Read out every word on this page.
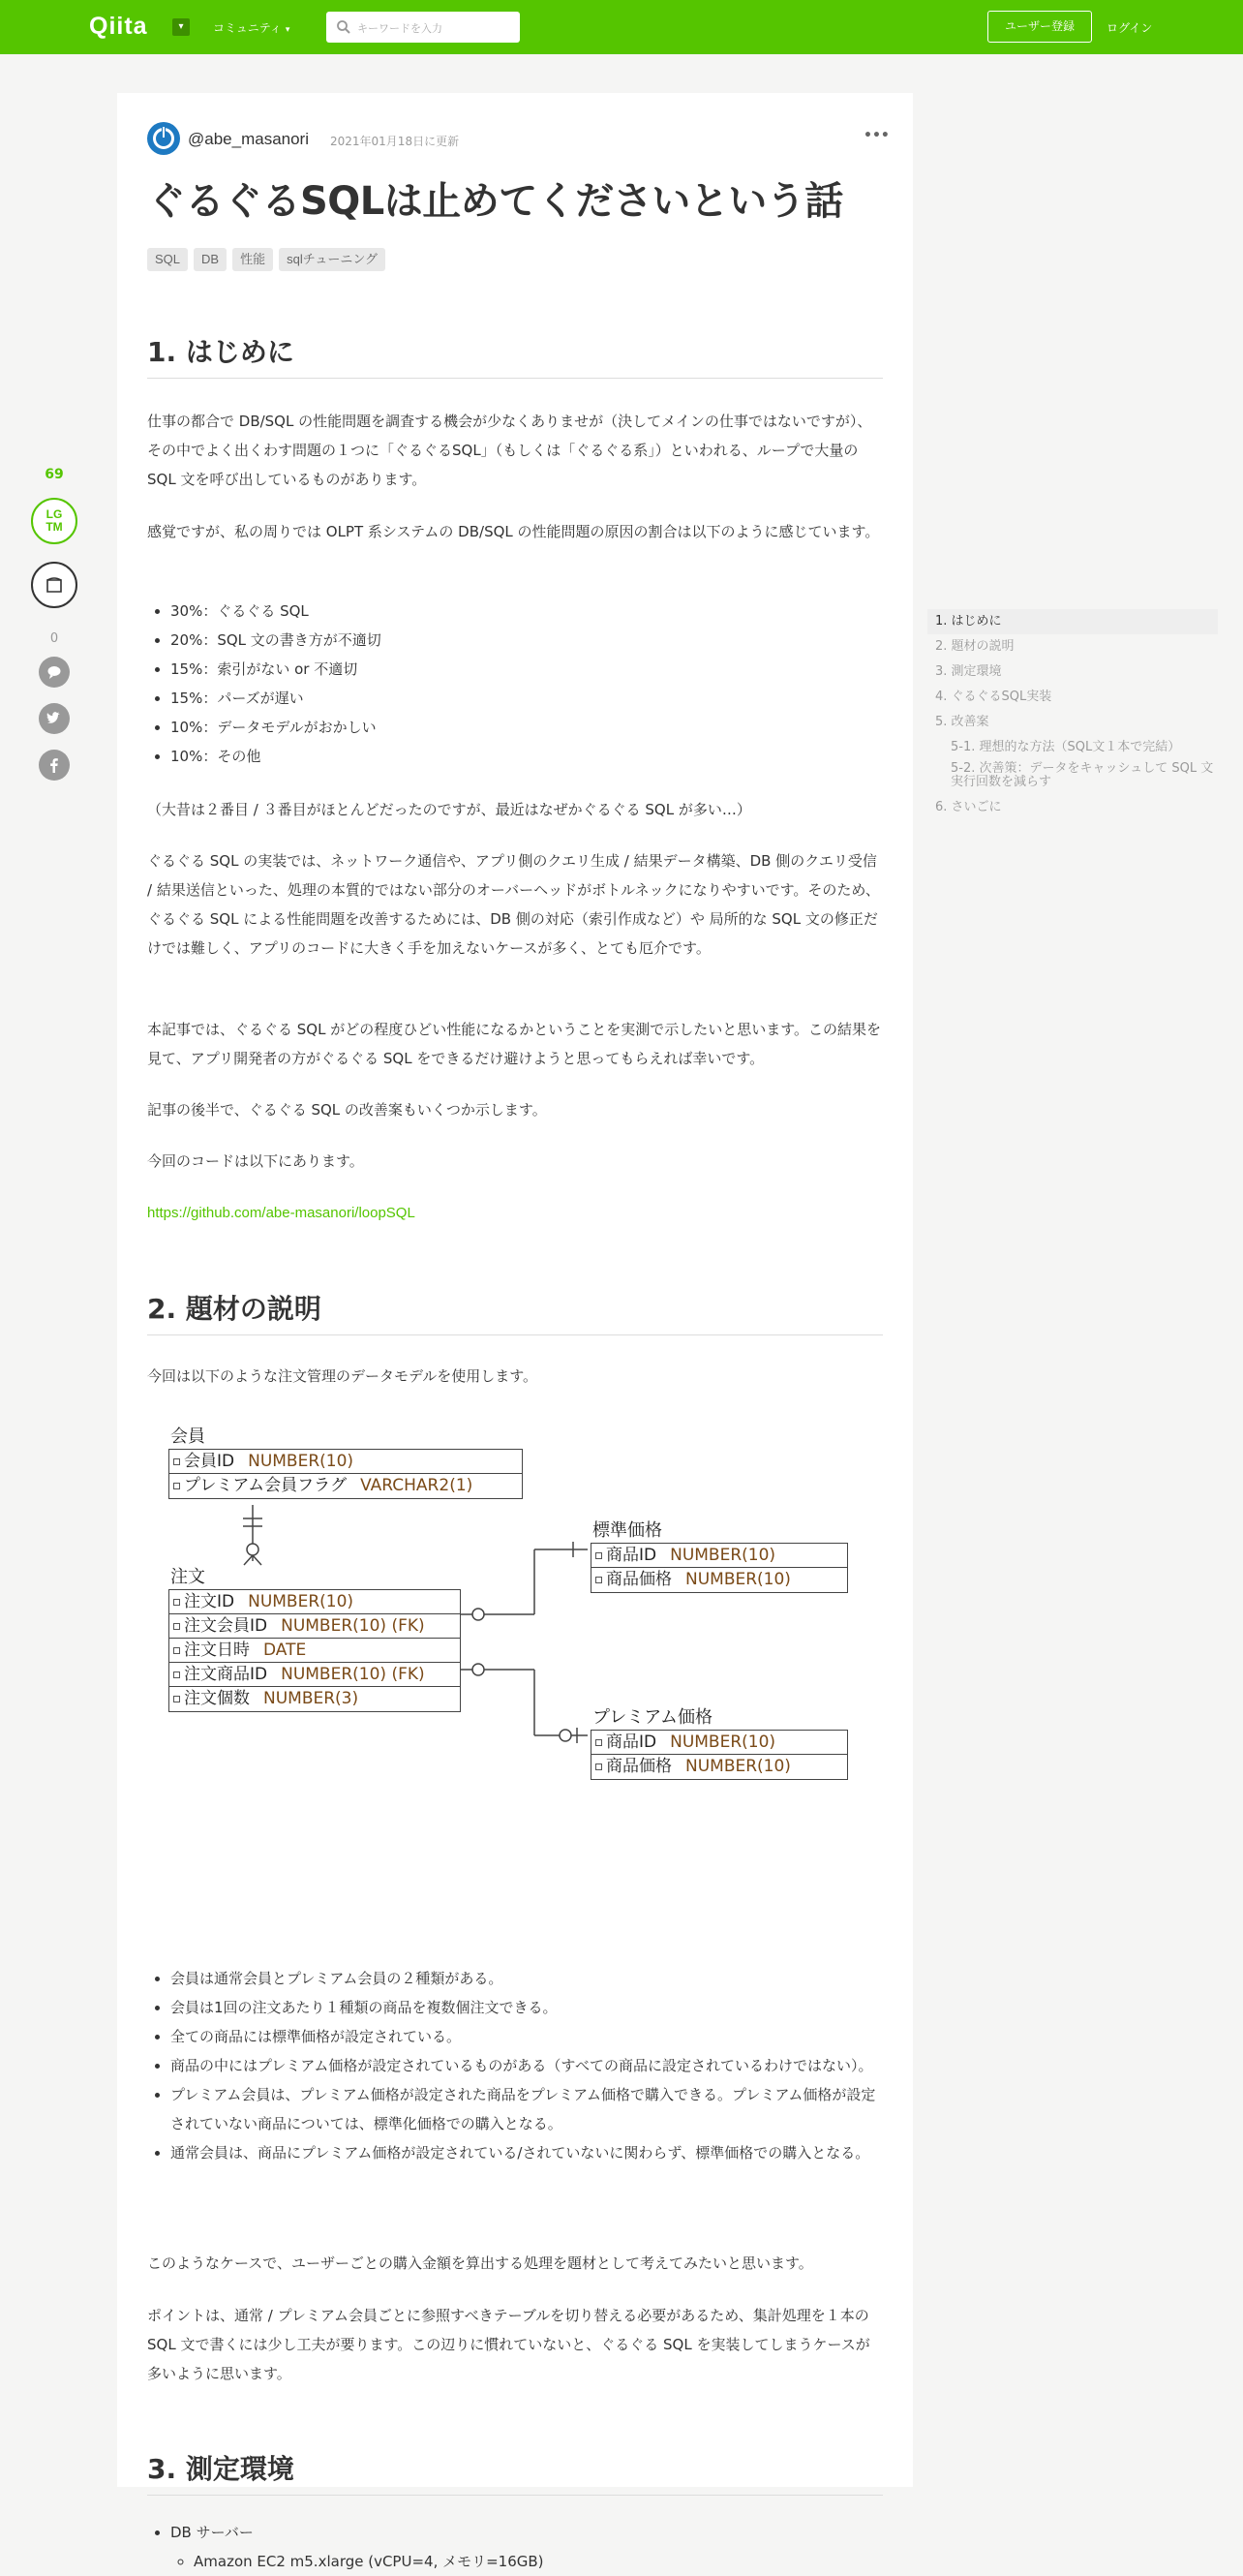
Qiita	▾	コミュニティ ▾	キーワードを入力	ユーザー登録	ログイン
69
LG
TM
0
@abe_masanori 2021年01月18日に更新	•••
ぐるぐるSQLは止めてくださいという話
SQL DB 性能 sqlチューニング
1. はじめに

仕事の都合で DB/SQL の性能問題を調査する機会が少なくありませが（決してメインの仕事ではないですが）、その中でよく出くわす問題の１つに「ぐるぐるSQL」（もしくは「ぐるぐる系」）といわれる、ループで大量の SQL 文を呼び出しているものがあります。

感覚ですが、私の周りでは OLPT 系システムの DB/SQL の性能問題の原因の割合は以下のように感じています。

• 30%：ぐるぐる SQL
• 20%：SQL 文の書き方が不適切
• 15%：索引がない or 不適切
• 15%：パーズが遅い
• 10%：データモデルがおかしい
• 10%：その他

（大昔は２番目 / ３番目がほとんどだったのですが、最近はなぜかぐるぐる SQL が多い…）

ぐるぐる SQL の実装では、ネットワーク通信や、アプリ側のクエリ生成 / 結果データ構築、DB 側のクエリ受信 / 結果送信といった、処理の本質的ではない部分のオーバーヘッドがボトルネックになりやすいです。そのため、ぐるぐる SQL による性能問題を改善するためには、DB 側の対応（索引作成など）や 局所的な SQL 文の修正だけでは難しく、アプリのコードに大きく手を加えないケースが多く、とても厄介です。

本記事では、ぐるぐる SQL がどの程度ひどい性能になるかということを実測で示したいと思います。この結果を見て、アプリ開発者の方がぐるぐる SQL をできるだけ避けようと思ってもらえれば幸いです。

記事の後半で、ぐるぐる SQL の改善案もいくつか示します。

今回のコードは以下にあります。

https://github.com/abe-masanori/loopSQL

2. 題材の説明

今回は以下のような注文管理のデータモデルを使用します。

会員
会員ID NUMBER(10)
プレミアム会員フラグ VARCHAR2(1)
注文
注文ID NUMBER(10)
注文会員ID NUMBER(10) (FK)
注文日時 DATE
注文商品ID NUMBER(10) (FK)
注文個数 NUMBER(3)
標準価格
商品ID NUMBER(10)
商品価格 NUMBER(10)
プレミアム価格
商品ID NUMBER(10)
商品価格 NUMBER(10)
• 会員は通常会員とプレミアム会員の２種類がある。
• 会員は1回の注文あたり１種類の商品を複数個注文できる。
• 全ての商品には標準価格が設定されている。
• 商品の中にはプレミアム価格が設定されているものがある（すべての商品に設定されているわけではない）。
• プレミアム会員は、プレミアム価格が設定された商品をプレミアム価格で購入できる。プレミアム価格が設定されていない商品については、標準化価格での購入となる。
• 通常会員は、商品にプレミアム価格が設定されている/されていないに関わらず、標準価格での購入となる。

このようなケースで、ユーザーごとの購入金額を算出する処理を題材として考えてみたいと思います。

ポイントは、通常 / プレミアム会員ごとに参照すべきテーブルを切り替える必要があるため、集計処理を１本の SQL 文で書くには少し工夫が要ります。この辺りに慣れていないと、ぐるぐる SQL を実装してしまうケースが多いように思います。

3. 測定環境
• DB サーバー
◦ Amazon EC2 m5.xlarge (vCPU=4, メモリ=16GB)
1. はじめに
2. 題材の説明
3. 測定環境
4. ぐるぐるSQL実装
5. 改善案
5-1. 理想的な方法（SQL文１本で完結）
5-2. 次善策：データをキャッシュして SQL 文実行回数を減らす
6. さいごに
